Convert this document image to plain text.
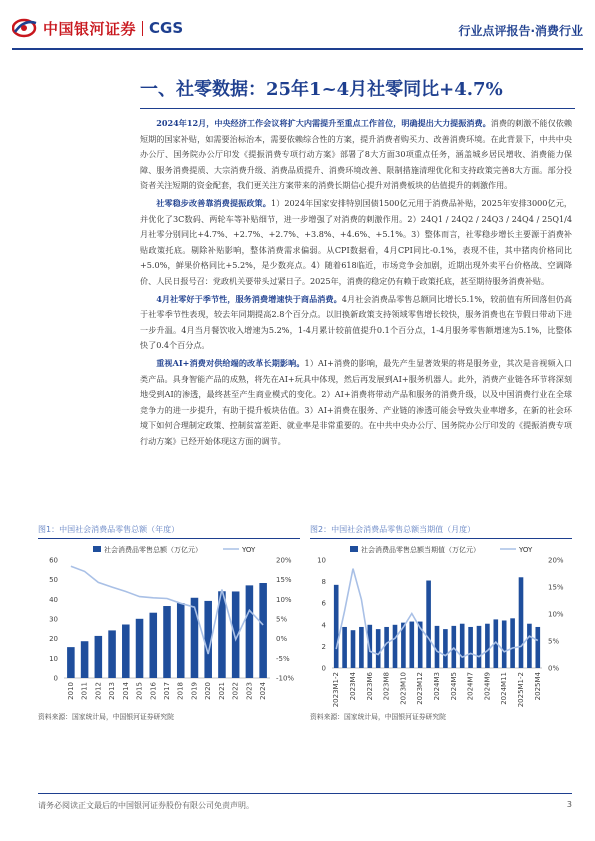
中国银河证券 CGS	行业点评报告·消费行业
一、社零数据：25年1~4月社零同比+4.7%

2024年12月，中央经济工作会议将扩大内需提升至重点工作首位，明确提出大力提振消费。消费的刺激不能仅依赖短期的国家补贴，如需要治标治本，需要依赖综合性的方案，提升消费者购买力、改善消费环境。在此背景下，中共中央办公厅、国务院办公厅印发《提振消费专项行动方案》部署了8大方面30项重点任务，涵盖城乡居民增收、消费能力保障、服务消费提质、大宗消费升级、消费品质提升、消费环境改善、限制措施清理优化和支持政策完善8大方面。部分投资者关注短期的资金配套，我们更关注方案带来的消费长期信心提升对消费板块的估值提升的刺激作用。

社零稳步改善靠消费提振政策。1）2024年国家安排特别国债1500亿元用于消费品补贴，2025年安排3000亿元，并优化了3C数码、两轮车等补贴细节，进一步增强了对消费的刺激作用。2）24Q1 / 24Q2 / 24Q3 / 24Q4 / 25Q1/4月社零分别同比+4.7%、+2.7%、+2.7%、+3.8%、+4.6%、+5.1%。3）整体而言，社零稳步增长主要源于消费补贴政策托底。剔除补贴影响，整体消费需求偏弱。从CPI数据看，4月CPI同比-0.1%，表现不佳，其中猪肉价格同比+5.0%，鲜果价格同比+5.2%，是少数亮点。4）随着618临近，市场竞争会加剧，近期出现外卖平台价格战、空调降价、人民日报号召：党政机关要带头过紧日子。2025年，消费的稳定仍有赖于政策托底，甚至期待服务消费补贴。

4月社零好于季节性，服务消费增速快于商品消费。4月社会消费品零售总额同比增长5.1%，较前值有所回落但仍高于社零季节性表现，较去年同期提高2.8个百分点。以旧换新政策支持领域零售增长较快，服务消费也在节假日带动下进一步升温。4月当月餐饮收入增速为5.2%，1-4月累计较前值提升0.1个百分点，1-4月服务零售额增速为5.1%，比整体快了0.4个百分点。

重视AI+消费对供给端的改革长期影响。1）AI+消费的影响，最先产生显著效果的将是服务业，其次是音视频入口类产品。具身智能产品的成熟，将先在AI+玩具中体现，然后再发展到AI+服务机器人。此外，消费产业链各环节将深刻地受到AI的渗透，最终甚至产生商业模式的变化。2）AI+消费将带动产品和服务的消费升级，以及中国消费行业在全球竞争力的进一步提升，有助于提升板块估值。3）AI+消费在服务、产业链的渗透可能会导致失业率增多，在新的社会环境下如何合理制定政策、控制贫富差距、就业率是非常重要的。在中共中央办公厅、国务院办公厅印发的《提振消费专项行动方案》已经开始体现这方面的调节。

图1：中国社会消费品零售总额（年度）
社会消费品零售总额（万亿元）	YOY
0
10
20
30
40
50
60
-10%
-5%
0%
5%
10%
15%
20%
2010 2011 2012 2013 2014 2015 2016 2017 2018 2019 2020 2021 2022 2023 2024
资料来源：国家统计局，中国银河证券研究院
图2：中国社会消费品零售总额当期值（月度）
社会消费品零售总额当期值（万亿元）	YOY
0
2
4
6
8
10
0%
5%
10%
15%
20%
2023M1-2 2023M4 2023M6 2023M8 2023M10 2023M12 2024M3 2024M5 2024M7 2024M9 2024M11 2025M1-2 2025M4
资料来源：国家统计局，中国银河证券研究院
请务必阅读正文最后的中国银河证券股份有限公司免责声明。	3
